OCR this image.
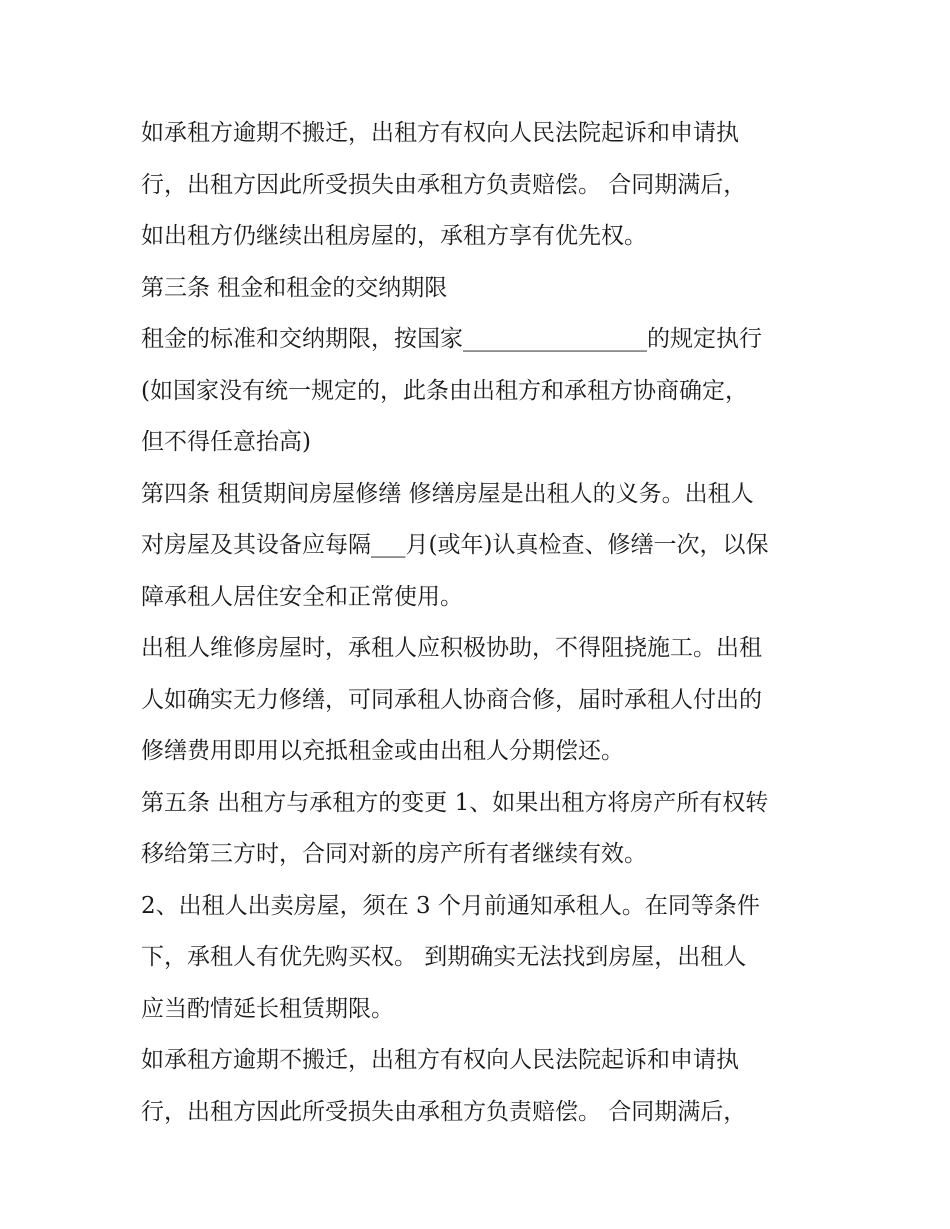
如承租方逾期不搬迁，出租方有权向人民法院起诉和申请执
行，出租方因此所受损失由承租方负责赔偿。 合同期满后，
如出租方仍继续出租房屋的，承租方享有优先权。
第三条 租金和租金的交纳期限
租金的标准和交纳期限，按国家________________的规定执行
(如国家没有统一规定的，此条由出租方和承租方协商确定，
但不得任意抬高)
第四条 租赁期间房屋修缮 修缮房屋是出租人的义务。出租人
对房屋及其设备应每隔___月(或年)认真检查、修缮一次，以保
障承租人居住安全和正常使用。
出租人维修房屋时，承租人应积极协助，不得阻挠施工。出租
人如确实无力修缮，可同承租人协商合修，届时承租人付出的
修缮费用即用以充抵租金或由出租人分期偿还。
第五条 出租方与承租方的变更 1、如果出租方将房产所有权转
移给第三方时，合同对新的房产所有者继续有效。
2、出租人出卖房屋，须在 3 个月前通知承租人。在同等条件
下，承租人有优先购买权。 到期确实无法找到房屋，出租人
应当酌情延长租赁期限。
如承租方逾期不搬迁，出租方有权向人民法院起诉和申请执
行，出租方因此所受损失由承租方负责赔偿。 合同期满后，
